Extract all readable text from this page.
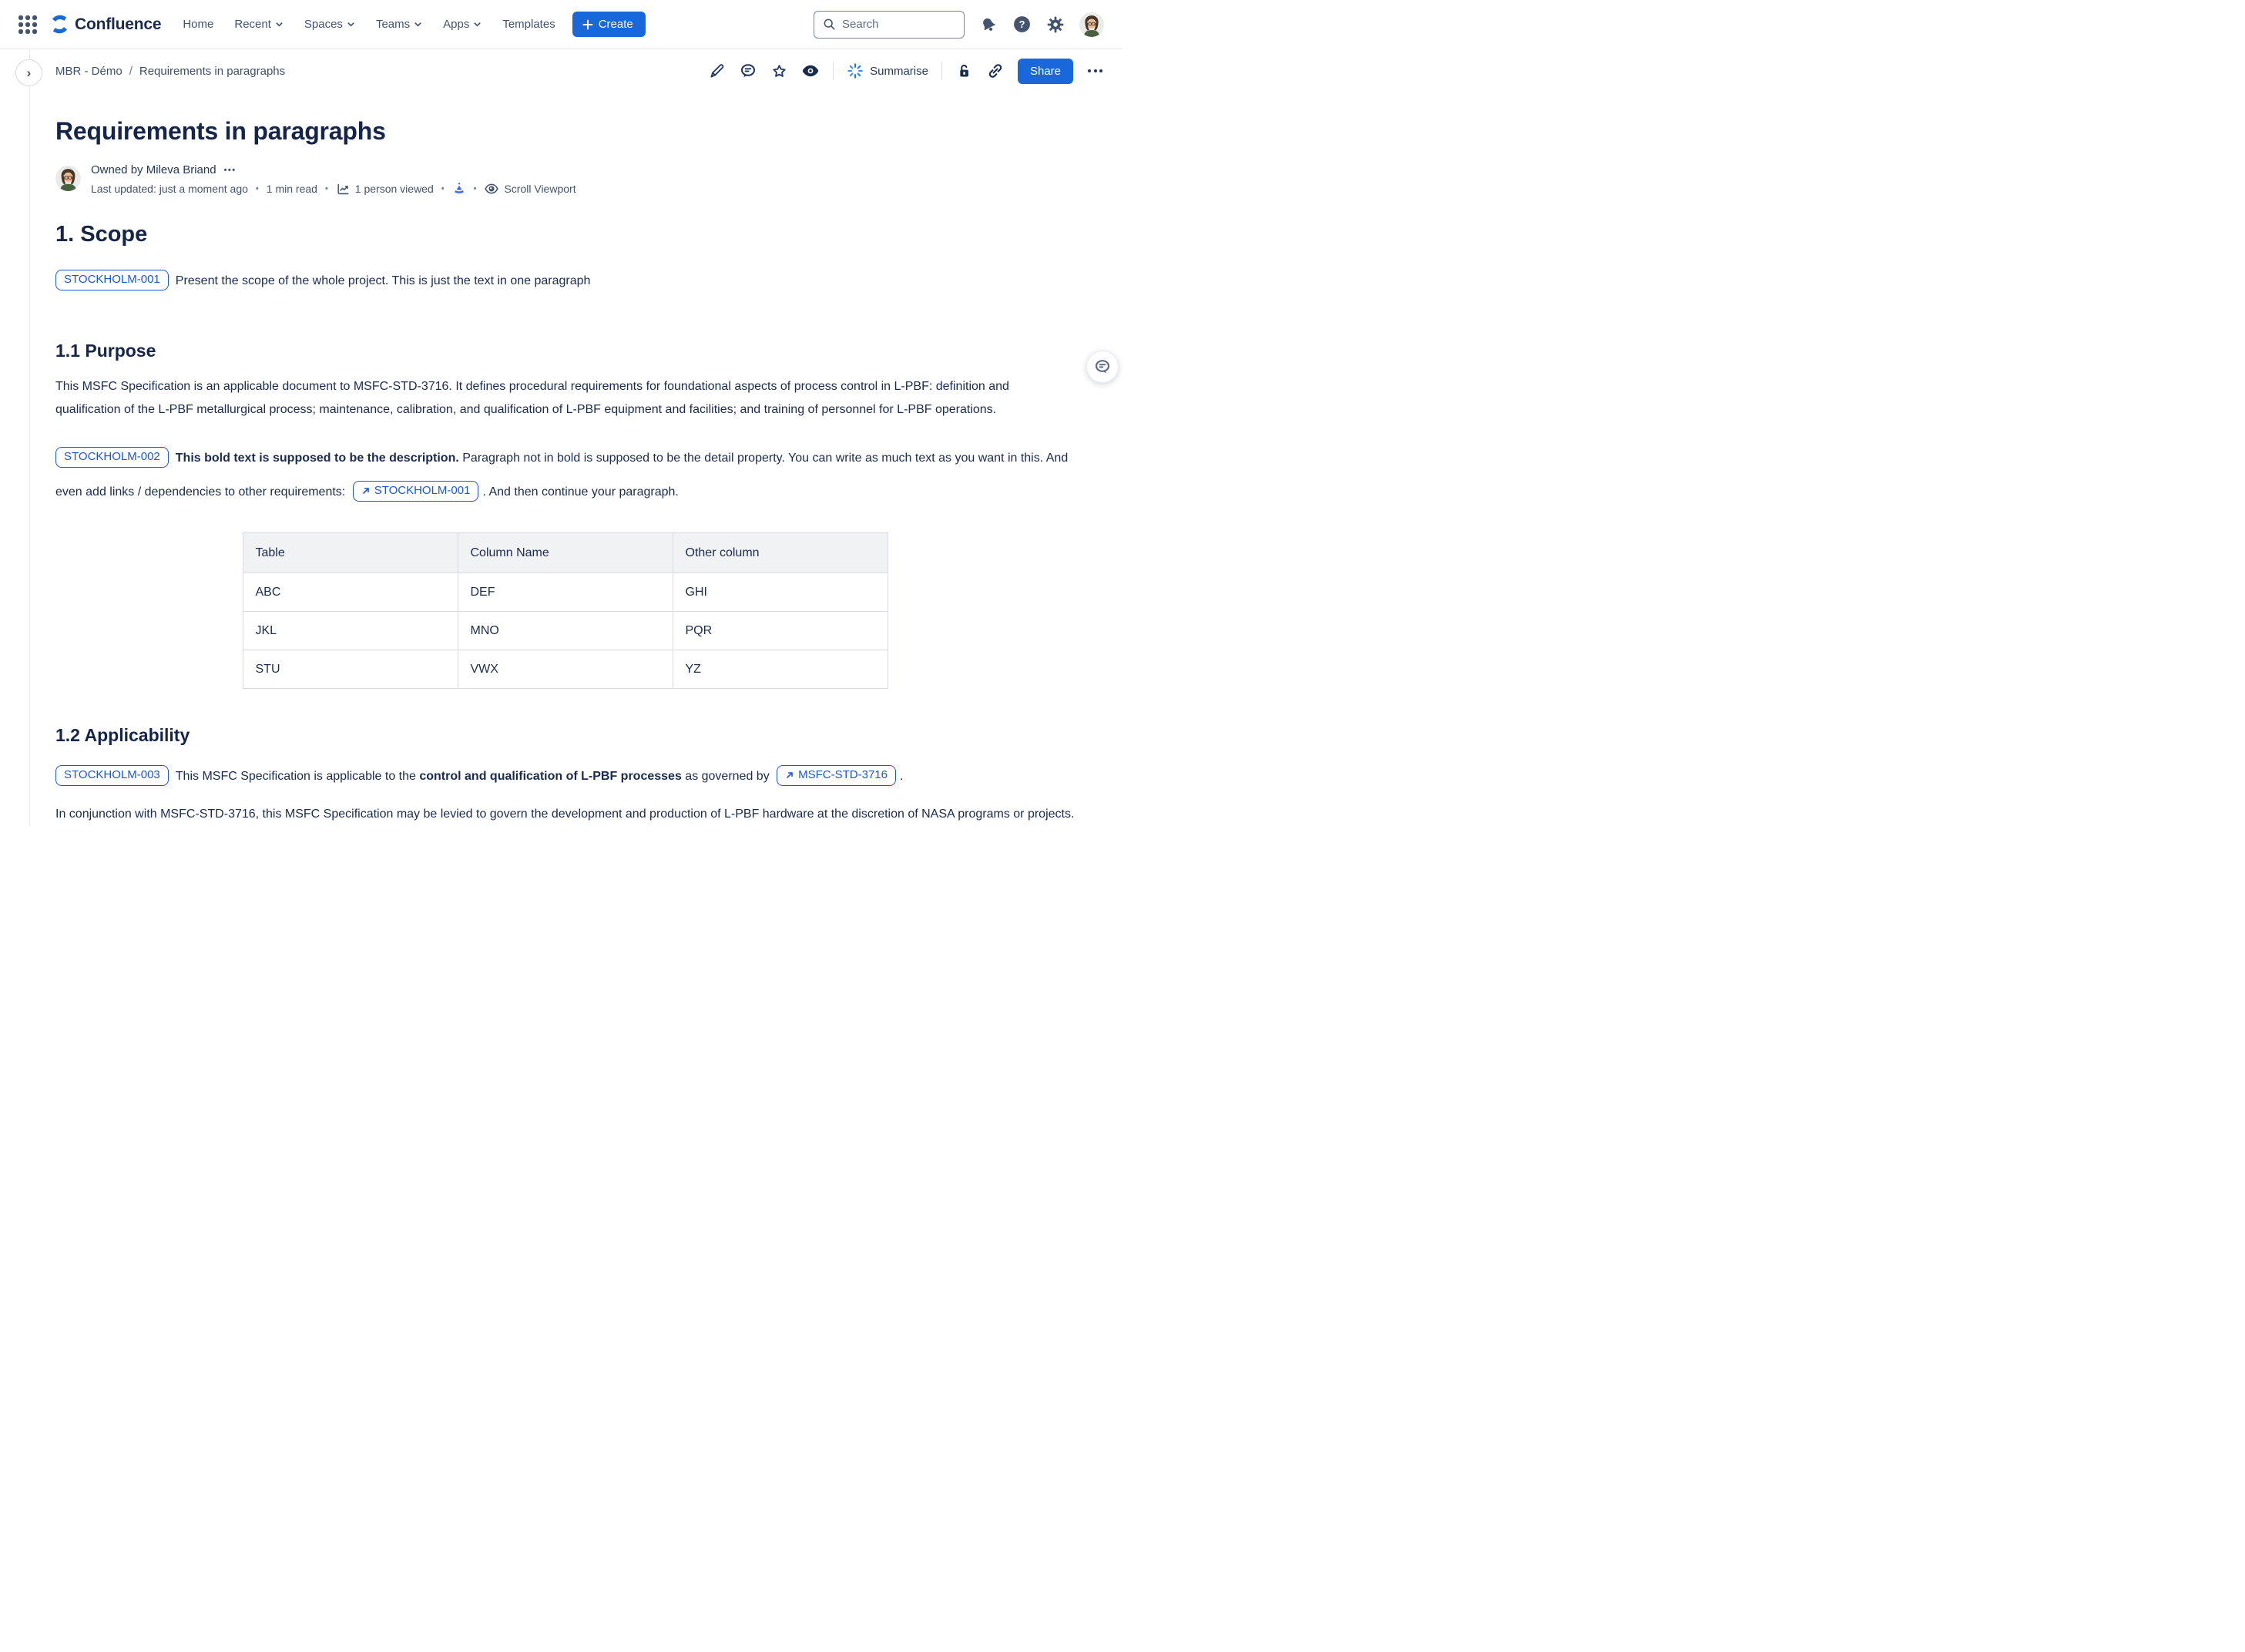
Confluence Home Recent	Spaces	Teams	Apps	Templates	Create
Search	?
›	MBR - Démo / Requirements in paragraphs	Summarise	Share
Requirements in paragraphs
Owned by Mileva Briand •••
Last updated: just a moment ago • 1 min read •	1 person viewed •	•	Scroll Viewport
1. Scope

STOCKHOLM-001 Present the scope of the whole project. This is just the text in one paragraph

1.1 Purpose

This MSFC Specification is an applicable document to MSFC-STD-3716. It defines procedural requirements for foundational aspects of process control in L-PBF: definition and qualification of the L-PBF metallurgical process; maintenance, calibration, and qualification of L-PBF equipment and facilities; and training of personnel for L-PBF operations.

STOCKHOLM-002 This bold text is supposed to be the description. Paragraph not in bold is supposed to be the detail property. You can write as much text as you want in this. And even add links / dependencies to other requirements: STOCKHOLM-001 . And then continue your paragraph.

Table	Column Name	Other column
ABC	DEF	GHI
JKL	MNO	PQR
STU	VWX	YZ
1.2 Applicability

STOCKHOLM-003 This MSFC Specification is applicable to the control and qualification of L-PBF processes as governed by MSFC-STD-3716 .

In conjunction with MSFC-STD-3716, this MSFC Specification may be levied to govern the development and production of L-PBF hardware at the discretion of NASA programs or projects.
